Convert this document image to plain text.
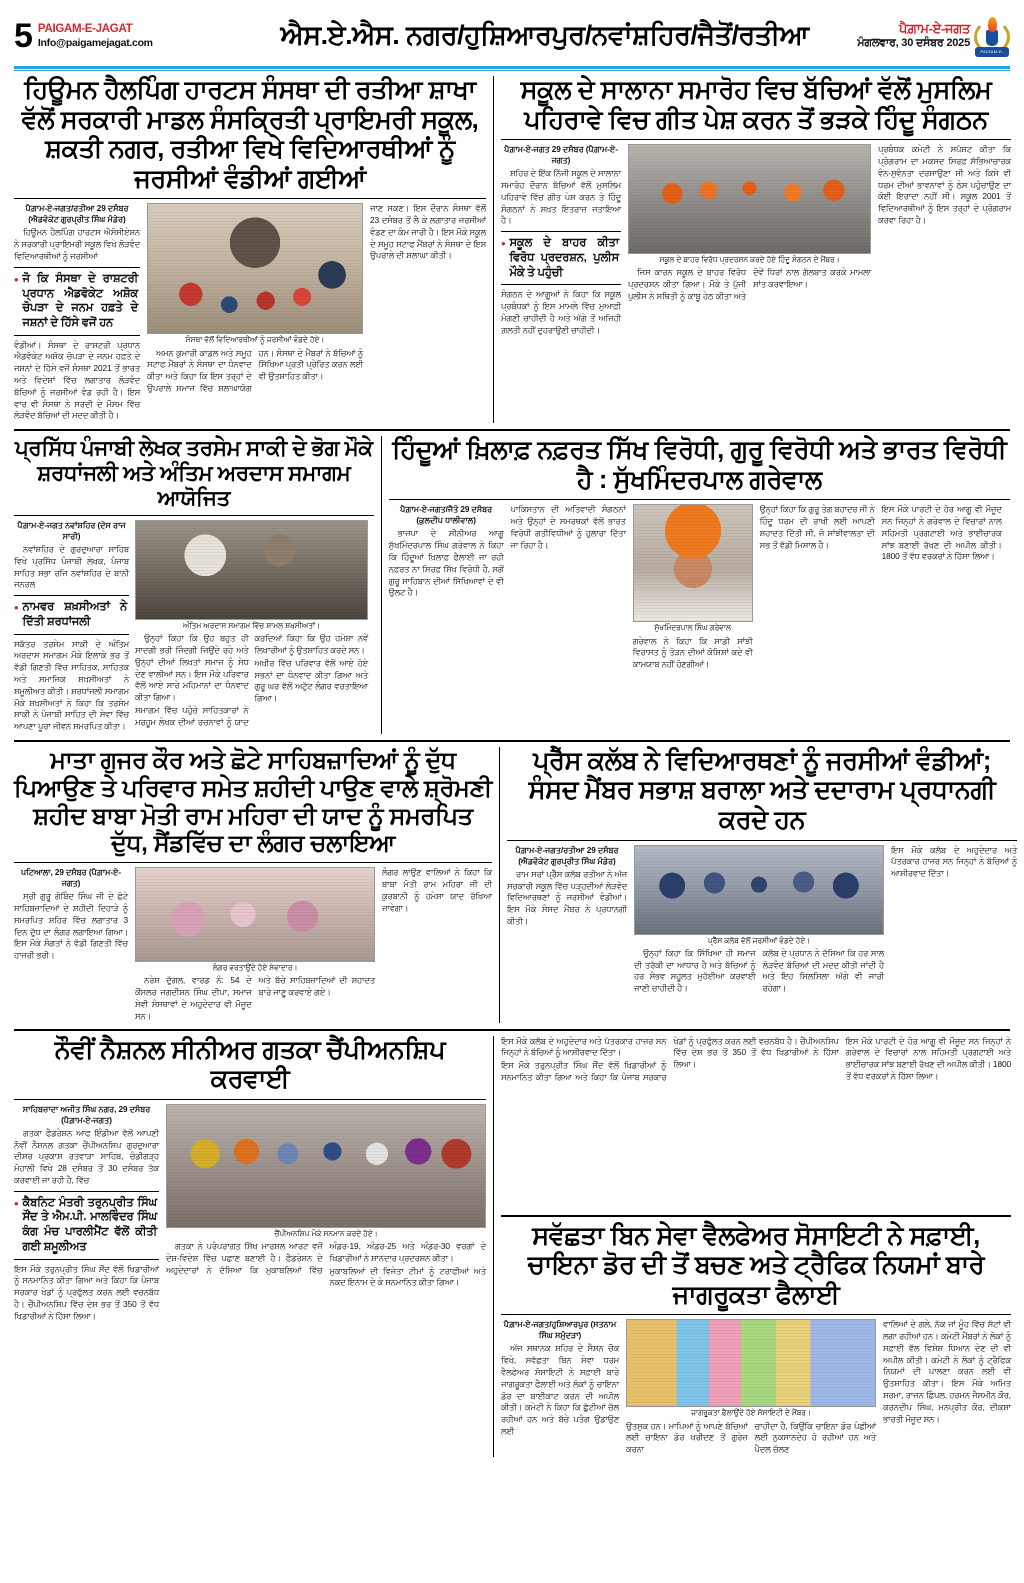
5 PAIGAM-E-JAGAT
Info@paigamejagat.com	ਐਸ.ਏ.ਐਸ. ਨਗਰ/ਹੁਸ਼ਿਆਰਪੁਰ/ਨਵਾਂਸ਼ਹਿਰ/ਜੈਤੋਂ/ਰਤੀਆ	ਪੈਗ਼ਾਮ-ਏ-ਜਗਤ
ਮੰਗਲਵਾਰ, 30 ਦਸੰਬਰ 2025
PAIGAM-E-JAGAT
ਹਿਊਮਨ ਹੈਲਪਿੰਗ ਹਾਰਟਸ ਸੰਸਥਾ ਦੀ ਰਤੀਆ ਸ਼ਾਖਾ ਵੱਲੋਂ ਸਰਕਾਰੀ ਮਾਡਲ ਸੰਸਕ੍ਰਿਤੀ ਪ੍ਰਾਇਮਰੀ ਸਕੂਲ, ਸ਼ਕਤੀ ਨਗਰ, ਰਤੀਆ ਵਿਖੇ ਵਿਦਿਆਰਥੀਆਂ ਨੂੰ ਜਰਸੀਆਂ ਵੰਡੀਆਂ ਗਈਆਂ
ਪੈਗ਼ਾਮ-ਏ-ਜਗਤ/ਰਤੀਆ 29 ਦਸੰਬਰ (ਐਡਵੋਕੇਟ ਗੁਰਪ੍ਰੀਤ ਸਿੰਘ ਮੰਡੇਰ)

ਹਿਊਮਨ ਹੈਲਪਿੰਗ ਹਾਰਟਸ ਐਸੋਸੀਏਸ਼ਨ ਨੇ ਸਰਕਾਰੀ ਪ੍ਰਾਇਮਰੀ ਸਕੂਲ ਵਿਖੇ ਲੋੜਵੰਦ ਵਿਦਿਆਰਥੀਆਂ ਨੂੰ ਜਰਸੀਆਂ

• ਜੋ ਕਿ ਸੰਸਥਾ ਦੇ ਰਾਸ਼ਟਰੀ ਪ੍ਰਧਾਨ ਐਡਵੋਕੇਟ ਅਸ਼ੋਕ ਚੋਪੜਾ ਦੇ ਜਨਮ ਹਫ਼ਤੇ ਦੇ ਜਸ਼ਨਾਂ ਦੇ ਹਿੱਸੇ ਵਜੋਂ ਹਨ

ਵੰਡੀਆਂ। ਸੰਸਥਾ ਦੇ ਰਾਸ਼ਟਰੀ ਪ੍ਰਧਾਨ ਐਡਵੋਕੇਟ ਅਸ਼ੋਕ ਚੋਪੜਾ ਦੇ ਜਨਮ ਹਫ਼ਤੇ ਦੇ ਜਸ਼ਨਾਂ ਦੇ ਹਿੱਸੇ ਵਜੋਂ ਸੰਸਥਾ 2021 ਤੋਂ ਭਾਰਤ ਅਤੇ ਵਿਦੇਸ਼ਾਂ ਵਿੱਚ ਲਗਾਤਾਰ ਲੋੜਵੰਦ ਬੱਚਿਆਂ ਨੂੰ ਜਰਸੀਆਂ ਵੰਡ ਰਹੀ ਹੈ। ਇਸ ਵਾਰ ਵੀ ਸੰਸਥਾ ਨੇ ਸਰਦੀ ਦੇ ਮੌਸਮ ਵਿੱਚ ਲੋੜਵੰਦ ਬੱਚਿਆਂ ਦੀ ਮਦਦ ਕੀਤੀ ਹੈ।

ਸੰਸਥਾ ਵੱਲੋਂ ਵਿਦਿਆਰਥੀਆਂ ਨੂੰ ਜਰਸੀਆਂ ਵੰਡਦੇ ਹੋਏ।

ਅਮਨ ਕੁਮਾਰੀ ਕਾਡਲ ਅਤੇ ਸਮੂਹ ਸਟਾਫ ਮੈਂਬਰਾਂ ਨੇ ਸੰਸਥਾ ਦਾ ਧੰਨਵਾਦ ਕੀਤਾ ਅਤੇ ਕਿਹਾ ਕਿ ਇਸ ਤਰ੍ਹਾਂ ਦੇ ਉਪਰਾਲੇ ਸਮਾਜ ਵਿੱਚ ਸ਼ਲਾਘਾਯੋਗ ਹਨ। ਸੰਸਥਾ ਦੇ ਮੈਂਬਰਾਂ ਨੇ ਬੱਚਿਆਂ ਨੂੰ ਸਿੱਖਿਆ ਪ੍ਰਤੀ ਪ੍ਰੇਰਿਤ ਕਰਨ ਲਈ ਵੀ ਉਤਸ਼ਾਹਿਤ ਕੀਤਾ।

ਜਾਣ ਸਕਣ। ਇਸ ਦੌਰਾਨ ਸੰਸਥਾ ਵੱਲੋਂ 23 ਦਸੰਬਰ ਤੋਂ ਲੈ ਕੇ ਲਗਾਤਾਰ ਜਰਸੀਆਂ ਵੰਡਣ ਦਾ ਕੰਮ ਜਾਰੀ ਹੈ। ਇਸ ਮੌਕੇ ਸਕੂਲ ਦੇ ਸਮੂਹ ਸਟਾਫ ਮੈਂਬਰਾਂ ਨੇ ਸੰਸਥਾ ਦੇ ਇਸ ਉਪਰਾਲੇ ਦੀ ਸ਼ਲਾਘਾ ਕੀਤੀ।

ਸਕੂਲ ਦੇ ਸਾਲਾਨਾ ਸਮਾਰੋਹ ਵਿਚ ਬੱਚਿਆਂ ਵੱਲੋਂ ਮੁਸਲਿਮ ਪਹਿਰਾਵੇ ਵਿਚ ਗੀਤ ਪੇਸ਼ ਕਰਨ ਤੋਂ ਭੜਕੇ ਹਿੰਦੂ ਸੰਗਠਨ
ਪੈਗ਼ਾਮ-ਏ-ਜਗਤ 29 ਦਸੰਬਰ (ਪੈਗ਼ਾਮ-ਏ-ਜਗਤ)

ਸ਼ਹਿਰ ਦੇ ਇੱਕ ਨਿੱਜੀ ਸਕੂਲ ਦੇ ਸਾਲਾਨਾ ਸਮਾਰੋਹ ਦੌਰਾਨ ਬੱਚਿਆਂ ਵੱਲੋਂ ਮੁਸਲਿਮ ਪਹਿਰਾਵੇ ਵਿੱਚ ਗੀਤ ਪੇਸ਼ ਕਰਨ ਤੇ ਹਿੰਦੂ ਸੰਗਠਨਾਂ ਨੇ ਸਖ਼ਤ ਇਤਰਾਜ਼ ਜਤਾਇਆ ਹੈ।

• ਸਕੂਲ ਦੇ ਬਾਹਰ ਕੀਤਾ ਵਿਰੋਧ ਪ੍ਰਦਰਸ਼ਨ, ਪੁਲੀਸ ਮੌਕੇ ਤੇ ਪਹੁੰਚੀ

ਸੰਗਠਨ ਦੇ ਆਗੂਆਂ ਨੇ ਕਿਹਾ ਕਿ ਸਕੂਲ ਪ੍ਰਬੰਧਕਾਂ ਨੂੰ ਇਸ ਮਾਮਲੇ ਵਿੱਚ ਮੁਆਫ਼ੀ ਮੰਗਣੀ ਚਾਹੀਦੀ ਹੈ ਅਤੇ ਅੱਗੇ ਤੋਂ ਅਜਿਹੀ ਗ਼ਲਤੀ ਨਹੀਂ ਦੁਹਰਾਉਣੀ ਚਾਹੀਦੀ।

ਸਕੂਲ ਦੇ ਬਾਹਰ ਵਿਰੋਧ ਪ੍ਰਦਰਸ਼ਨ ਕਰਦੇ ਹੋਏ ਹਿੰਦੂ ਸੰਗਠਨ ਦੇ ਮੈਂਬਰ।

ਜਿਸ ਕਾਰਨ ਸਕੂਲ ਦੇ ਬਾਹਰ ਵਿਰੋਧ ਪ੍ਰਦਰਸ਼ਨ ਕੀਤਾ ਗਿਆ। ਮੌਕੇ ਤੇ ਪੁੱਜੀ ਪੁਲੀਸ ਨੇ ਸਥਿਤੀ ਨੂੰ ਕਾਬੂ ਹੇਠ ਕੀਤਾ ਅਤੇ ਦੋਵੇਂ ਧਿਰਾਂ ਨਾਲ ਗੱਲਬਾਤ ਕਰਕੇ ਮਾਮਲਾ ਸ਼ਾਂਤ ਕਰਵਾਇਆ।

ਪ੍ਰਬੰਧਕ ਕਮੇਟੀ ਨੇ ਸਪੱਸ਼ਟ ਕੀਤਾ ਕਿ ਪ੍ਰੋਗਰਾਮ ਦਾ ਮਕਸਦ ਸਿਰਫ਼ ਸੱਭਿਆਚਾਰਕ ਵੰਨ-ਸੁਵੰਨਤਾ ਦਰਸਾਉਣਾ ਸੀ ਅਤੇ ਕਿਸੇ ਵੀ ਧਰਮ ਦੀਆਂ ਭਾਵਨਾਵਾਂ ਨੂੰ ਠੇਸ ਪਹੁੰਚਾਉਣ ਦਾ ਕੋਈ ਇਰਾਦਾ ਨਹੀਂ ਸੀ। ਸਕੂਲ 2001 ਤੋਂ ਵਿਦਿਆਰਥੀਆਂ ਨੂੰ ਇਸ ਤਰ੍ਹਾਂ ਦੇ ਪ੍ਰੋਗਰਾਮ ਕਰਵਾ ਰਿਹਾ ਹੈ।

ਪ੍ਰਸਿੱਧ ਪੰਜਾਬੀ ਲੇਖਕ ਤਰਸੇਮ ਸਾਕੀ ਦੇ ਭੋਗ ਮੌਕੇ ਸ਼ਰਧਾਂਜਲੀ ਅਤੇ ਅੰਤਿਮ ਅਰਦਾਸ ਸਮਾਗਮ ਆਯੋਜਿਤ
ਪੈਗ਼ਾਮ-ਏ-ਜਗਤ ਨਵਾਂਸ਼ਹਿਰ (ਦੇਸ ਰਾਜ ਸਾਰੀ)

ਨਵਾਂਸ਼ਹਿਰ ਦੇ ਗੁਰਦੁਆਰਾ ਸਾਹਿਬ ਵਿਖੇ ਪ੍ਰਸਿੱਧ ਪੰਜਾਬੀ ਲੇਖਕ, ਪੰਜਾਬ ਸਾਹਿਤ ਸਭਾ ਰਜਿ ਨਵਾਂਸ਼ਹਿਰ ਦੇ ਬਾਨੀ ਜਨਰਲ

• ਨਾਮਵਰ ਸ਼ਖ਼ਸੀਅਤਾਂ ਨੇ ਦਿੱਤੀ ਸ਼ਰਧਾਂਜਲੀ

ਸਕੱਤਰ ਤਰਸੇਮ ਸਾਕੀ ਦੇ ਅੰਤਿਮ ਅਰਦਾਸ ਸਮਾਗਮ ਮੌਕੇ ਇਲਾਕੇ ਭਰ ਤੋਂ ਵੱਡੀ ਗਿਣਤੀ ਵਿੱਚ ਸਾਹਿਤਕ, ਸਾਹਿਤਕ ਅਤੇ ਸਮਾਜਿਕ ਸ਼ਖ਼ਸੀਅਤਾਂ ਨੇ ਸ਼ਮੂਲੀਅਤ ਕੀਤੀ। ਸ਼ਰਧਾਂਜਲੀ ਸਮਾਗਮ ਮੌਕੇ ਸ਼ਖ਼ਸੀਅਤਾਂ ਨੇ ਕਿਹਾ ਕਿ ਤਰਸੇਮ ਸਾਕੀ ਨੇ ਪੰਜਾਬੀ ਸਾਹਿਤ ਦੀ ਸੇਵਾ ਵਿੱਚ ਆਪਣਾ ਪੂਰਾ ਜੀਵਨ ਸਮਰਪਿਤ ਕੀਤਾ।

ਅੰਤਿਮ ਅਰਦਾਸ ਸਮਾਗਮ ਵਿੱਚ ਸ਼ਾਮਲ ਸ਼ਖ਼ਸੀਅਤਾਂ।

ਉਨ੍ਹਾਂ ਕਿਹਾ ਕਿ ਉਹ ਬਹੁਤ ਹੀ ਸਾਦਗੀ ਭਰੀ ਜ਼ਿੰਦਗੀ ਜਿਉਂਦੇ ਰਹੇ ਅਤੇ ਉਨ੍ਹਾਂ ਦੀਆਂ ਲਿਖਤਾਂ ਸਮਾਜ ਨੂੰ ਸੇਧ ਦੇਣ ਵਾਲੀਆਂ ਸਨ। ਇਸ ਮੌਕੇ ਪਰਿਵਾਰ ਵੱਲੋਂ ਆਏ ਸਾਰੇ ਮਹਿਮਾਨਾਂ ਦਾ ਧੰਨਵਾਦ ਕੀਤਾ ਗਿਆ।

ਸਮਾਗਮ ਵਿੱਚ ਪਹੁੰਚੇ ਸਾਹਿਤਕਾਰਾਂ ਨੇ ਮਰਹੂਮ ਲੇਖਕ ਦੀਆਂ ਰਚਨਾਵਾਂ ਨੂੰ ਯਾਦ ਕਰਦਿਆਂ ਕਿਹਾ ਕਿ ਉਹ ਹਮੇਸ਼ਾ ਨਵੇਂ ਲਿਖਾਰੀਆਂ ਨੂੰ ਉਤਸ਼ਾਹਿਤ ਕਰਦੇ ਸਨ।

ਅਖ਼ੀਰ ਵਿੱਚ ਪਰਿਵਾਰ ਵੱਲੋਂ ਆਏ ਹੋਏ ਸਭਨਾਂ ਦਾ ਧੰਨਵਾਦ ਕੀਤਾ ਗਿਆ ਅਤੇ ਗੁਰੂ ਘਰ ਵੱਲੋਂ ਅਟੁੱਟ ਲੰਗਰ ਵਰਤਾਇਆ ਗਿਆ।

ਹਿੰਦੂਆਂ ਖ਼ਿਲਾਫ਼ ਨਫ਼ਰਤ ਸਿੱਖ ਵਿਰੋਧੀ, ਗੁਰੂ ਵਿਰੋਧੀ ਅਤੇ ਭਾਰਤ ਵਿਰੋਧੀ ਹੈ : ਸੁੱਖਮਿੰਦਰਪਾਲ ਗਰੇਵਾਲ
ਪੈਗ਼ਾਮ-ਏ-ਜਗਤ/ਜੈਤੋ 29 ਦਸੰਬਰ (ਕੁਲਦੀਪ ਧਾਲੀਵਾਲ)

ਭਾਜਪਾ ਦੇ ਸੀਨੀਅਰ ਆਗੂ ਸੁੱਖਮਿੰਦਰਪਾਲ ਸਿੰਘ ਗਰੇਵਾਲ ਨੇ ਕਿਹਾ ਕਿ ਹਿੰਦੂਆਂ ਖ਼ਿਲਾਫ਼ ਫੈਲਾਈ ਜਾ ਰਹੀ ਨਫ਼ਰਤ ਨਾ ਸਿਰਫ਼ ਸਿੱਖ ਵਿਰੋਧੀ ਹੈ, ਸਗੋਂ ਗੁਰੂ ਸਾਹਿਬਾਨ ਦੀਆਂ ਸਿੱਖਿਆਵਾਂ ਦੇ ਵੀ ਉਲਟ ਹੈ।

ਪਾਕਿਸਤਾਨ ਦੀ ਅਤਿਵਾਦੀ ਸੰਗਠਨਾਂ ਅਤੇ ਉਨ੍ਹਾਂ ਦੇ ਸਮਰਥਕਾਂ ਵੱਲੋਂ ਭਾਰਤ ਵਿਰੋਧੀ ਗਤੀਵਿਧੀਆਂ ਨੂੰ ਹੁਲਾਰਾ ਦਿੱਤਾ ਜਾ ਰਿਹਾ ਹੈ।

ਸੁੱਖਮਿੰਦਰਪਾਲ ਸਿੰਘ ਗਰੇਵਾਲ

ਗਰੇਵਾਲ ਨੇ ਕਿਹਾ ਕਿ ਸਾਡੀ ਸਾਂਝੀ ਵਿਰਾਸਤ ਨੂੰ ਤੋੜਨ ਦੀਆਂ ਕੋਸ਼ਿਸ਼ਾਂ ਕਦੇ ਵੀ ਕਾਮਯਾਬ ਨਹੀਂ ਹੋਣਗੀਆਂ।

ਉਨ੍ਹਾਂ ਕਿਹਾ ਕਿ ਗੁਰੂ ਤੇਗ ਬਹਾਦਰ ਜੀ ਨੇ ਹਿੰਦੂ ਧਰਮ ਦੀ ਰਾਖੀ ਲਈ ਆਪਣੀ ਸ਼ਹਾਦਤ ਦਿੱਤੀ ਸੀ, ਜੋ ਸਾਂਝੀਵਾਲਤਾ ਦੀ ਸਭ ਤੋਂ ਵੱਡੀ ਮਿਸਾਲ ਹੈ।

ਇਸ ਮੌਕੇ ਪਾਰਟੀ ਦੇ ਹੋਰ ਆਗੂ ਵੀ ਮੌਜੂਦ ਸਨ ਜਿਨ੍ਹਾਂ ਨੇ ਗਰੇਵਾਲ ਦੇ ਵਿਚਾਰਾਂ ਨਾਲ ਸਹਿਮਤੀ ਪ੍ਰਗਟਾਈ ਅਤੇ ਭਾਈਚਾਰਕ ਸਾਂਝ ਬਣਾਈ ਰੱਖਣ ਦੀ ਅਪੀਲ ਕੀਤੀ। 1800 ਤੋਂ ਵੱਧ ਵਰਕਰਾਂ ਨੇ ਹਿੱਸਾ ਲਿਆ।

ਮਾਤਾ ਗੁਜਰ ਕੌਰ ਅਤੇ ਛੋਟੇ ਸਾਹਿਬਜ਼ਾਦਿਆਂ ਨੂੰ ਦੁੱਧ ਪਿਆਉਣ ਤੇ ਪਰਿਵਾਰ ਸਮੇਤ ਸ਼ਹੀਦੀ ਪਾਉਣ ਵਾਲੇ ਸ਼੍ਰੋਮਣੀ ਸ਼ਹੀਦ ਬਾਬਾ ਮੋਤੀ ਰਾਮ ਮਹਿਰਾ ਦੀ ਯਾਦ ਨੂੰ ਸਮਰਪਿਤ ਦੁੱਧ, ਸੈਂਡਵਿੱਚ ਦਾ ਲੰਗਰ ਚਲਾਇਆ
ਪਟਿਆਲਾ, 29 ਦਸੰਬਰ (ਪੈਗ਼ਾਮ-ਏ-ਜਗਤ)

ਸ੍ਰੀ ਗੁਰੂ ਗੋਬਿੰਦ ਸਿੰਘ ਜੀ ਦੇ ਛੋਟੇ ਸਾਹਿਬਜ਼ਾਦਿਆਂ ਦੇ ਸ਼ਹੀਦੀ ਦਿਹਾੜੇ ਨੂੰ ਸਮਰਪਿਤ ਸ਼ਹਿਰ ਵਿੱਚ ਲਗਾਤਾਰ 3 ਦਿਨ ਦੁੱਧ ਦਾ ਲੰਗਰ ਲਗਾਇਆ ਗਿਆ। ਇਸ ਮੌਕੇ ਸੰਗਤਾਂ ਨੇ ਵੱਡੀ ਗਿਣਤੀ ਵਿੱਚ ਹਾਜ਼ਰੀ ਭਰੀ।

ਲੰਗਰ ਵਰਤਾਉਂਦੇ ਹੋਏ ਸੇਵਾਦਾਰ।

ਨਰੇਸ਼ ਦੁੱਗਲ, ਵਾਰਡ ਨੰ: 54 ਦੇ ਕੌਂਸਲਰ ਜਗਦੀਸ਼ਨ ਸਿੰਘ ਦੀਪਾ, ਸਮਾਜ ਸੇਵੀ ਸੰਸਥਾਵਾਂ ਦੇ ਅਹੁਦੇਦਾਰ ਵੀ ਮੌਜੂਦ ਸਨ।

ਅਤੇ ਬੱਚੇ ਸਾਹਿਬਜ਼ਾਦਿਆਂ ਦੀ ਸ਼ਹਾਦਤ ਬਾਰੇ ਜਾਣੂ ਕਰਵਾਏ ਗਏ।

ਲੰਗਰ ਲਾਉਣ ਵਾਲਿਆਂ ਨੇ ਕਿਹਾ ਕਿ ਬਾਬਾ ਮੋਤੀ ਰਾਮ ਮਹਿਰਾ ਜੀ ਦੀ ਕੁਰਬਾਨੀ ਨੂੰ ਹਮੇਸ਼ਾ ਯਾਦ ਰੱਖਿਆ ਜਾਵੇਗਾ।

ਪ੍ਰੈੱਸ ਕਲੱਬ ਨੇ ਵਿਦਿਆਰਥਣਾਂ ਨੂੰ ਜਰਸੀਆਂ ਵੰਡੀਆਂ; ਸੰਸਦ ਮੈਂਬਰ ਸਭਾਸ਼ ਬਰਾਲਾ ਅਤੇ ਦਦਾਰਾਮ ਪ੍ਰਧਾਨਗੀ ਕਰਦੇ ਹਨ
ਪੈਗ਼ਾਮ-ਏ-ਜਗਤ/ਰਤੀਆ 29 ਦਸੰਬਰ (ਐਡਵੋਕੇਟ ਗੁਰਪ੍ਰੀਤ ਸਿੰਘ ਮੰਡੇਰ)

ਰਾਮ ਸਰਾਂ ਪ੍ਰੈੱਸ ਕਲੱਬ ਰਤੀਆ ਨੇ ਅੱਜ ਸਰਕਾਰੀ ਸਕੂਲ ਵਿੱਚ ਪੜ੍ਹਦੀਆਂ ਲੋੜਵੰਦ ਵਿਦਿਆਰਥਣਾਂ ਨੂੰ ਜਰਸੀਆਂ ਵੰਡੀਆਂ। ਇਸ ਮੌਕੇ ਸੰਸਦ ਮੈਂਬਰ ਨੇ ਪ੍ਰਧਾਨਗੀ ਕੀਤੀ।

ਪ੍ਰੈੱਸ ਕਲੱਬ ਵੱਲੋਂ ਜਰਸੀਆਂ ਵੰਡਦੇ ਹੋਏ।

ਉਨ੍ਹਾਂ ਕਿਹਾ ਕਿ ਸਿੱਖਿਆ ਹੀ ਸਮਾਜ ਦੀ ਤਰੱਕੀ ਦਾ ਆਧਾਰ ਹੈ ਅਤੇ ਬੱਚਿਆਂ ਨੂੰ ਹਰ ਸੰਭਵ ਸਹੂਲਤ ਮੁਹੱਈਆ ਕਰਵਾਈ ਜਾਣੀ ਚਾਹੀਦੀ ਹੈ।

ਕਲੱਬ ਦੇ ਪ੍ਰਧਾਨ ਨੇ ਦੱਸਿਆ ਕਿ ਹਰ ਸਾਲ ਲੋੜਵੰਦ ਬੱਚਿਆਂ ਦੀ ਮਦਦ ਕੀਤੀ ਜਾਂਦੀ ਹੈ ਅਤੇ ਇਹ ਸਿਲਸਿਲਾ ਅੱਗੇ ਵੀ ਜਾਰੀ ਰਹੇਗਾ।

ਇਸ ਮੌਕੇ ਕਲੱਬ ਦੇ ਅਹੁਦੇਦਾਰ ਅਤੇ ਪੱਤਰਕਾਰ ਹਾਜ਼ਰ ਸਨ ਜਿਨ੍ਹਾਂ ਨੇ ਬੱਚਿਆਂ ਨੂੰ ਆਸ਼ੀਰਵਾਦ ਦਿੱਤਾ।

ਨੌਵੀਂ ਨੈਸ਼ਨਲ ਸੀਨੀਅਰ ਗਤਕਾ ਚੈਂਪੀਅਨਸ਼ਿਪ ਕਰਵਾਈ
ਸਾਹਿਬਜ਼ਾਦਾ ਅਜੀਤ ਸਿੰਘ ਨਗਰ, 29 ਦਸੰਬਰ (ਪੈਗ਼ਾਮ-ਏ-ਜਗਤ)

ਗਤਕਾ ਫੈਡਰੇਸ਼ਨ ਆਫ ਇੰਡੀਆ ਵੱਲੋਂ ਆਪਣੀ ਨੌਵੀਂ ਨੈਸ਼ਨਲ ਗਤਕਾ ਚੈਂਪੀਅਨਸ਼ਿਪ ਗੁਰਦੁਆਰਾ ਦੀਸ਼ਰ ਪ੍ਰਕਾਸ਼ ਰਤਵਾੜਾ ਸਾਹਿਬ, ਚੰਡੀਗੜ੍ਹ ਮੋਹਾਲੀ ਵਿਖੇ 28 ਦਸੰਬਰ ਤੋਂ 30 ਦਸੰਬਰ ਤੱਕ ਕਰਵਾਈ ਜਾ ਰਹੀ ਹੈ, ਵਿੱਚ

• ਕੈਬਨਿਟ ਮੰਤਰੀ ਤਰੁਨਪ੍ਰੀਤ ਸਿੰਘ ਸੌਂਦ ਤੇ ਐਮ.ਪੀ. ਮਾਲਵਿੰਦਰ ਸਿੰਘ ਕੰਗ ਮੰਚ ਪਾਰਲੀਮੈਂਟ ਵੱਲੋਂ ਕੀਤੀ ਗਈ ਸ਼ਮੂਲੀਅਤ

ਇਸ ਮੌਕੇ ਤਰੁਨਪ੍ਰੀਤ ਸਿੰਘ ਸੌਂਦ ਵੱਲੋਂ ਖਿਡਾਰੀਆਂ ਨੂੰ ਸਨਮਾਨਿਤ ਕੀਤਾ ਗਿਆ ਅਤੇ ਕਿਹਾ ਕਿ ਪੰਜਾਬ ਸਰਕਾਰ ਖੇਡਾਂ ਨੂੰ ਪ੍ਰਫੁੱਲਤ ਕਰਨ ਲਈ ਵਚਨਬੱਧ ਹੈ। ਚੈਂਪੀਅਨਸ਼ਿਪ ਵਿੱਚ ਦੇਸ਼ ਭਰ ਤੋਂ 350 ਤੋਂ ਵੱਧ ਖਿਡਾਰੀਆਂ ਨੇ ਹਿੱਸਾ ਲਿਆ।

ਚੈਂਪੀਅਨਸ਼ਿਪ ਮੌਕੇ ਸਨਮਾਨ ਕਰਦੇ ਹੋਏ।

ਗਤਕਾ ਨੇ ਪਰੰਪਰਾਗਤ ਸਿੱਖ ਮਾਰਸ਼ਲ ਆਰਟ ਵਜੋਂ ਦੇਸ਼-ਵਿਦੇਸ਼ ਵਿੱਚ ਪਛਾਣ ਬਣਾਈ ਹੈ। ਫੈਡਰੇਸ਼ਨ ਦੇ ਅਹੁਦੇਦਾਰਾਂ ਨੇ ਦੱਸਿਆ ਕਿ ਮੁਕਾਬਲਿਆਂ ਵਿੱਚ ਅੰਡਰ-19, ਅੰਡਰ-25 ਅਤੇ ਅੰਡਰ-30 ਵਰਗਾਂ ਦੇ ਖਿਡਾਰੀਆਂ ਨੇ ਸ਼ਾਨਦਾਰ ਪ੍ਰਦਰਸ਼ਨ ਕੀਤਾ।

ਮੁਕਾਬਲਿਆਂ ਦੀ ਵਿਜੇਤਾ ਟੀਮਾਂ ਨੂੰ ਟਰਾਫੀਆਂ ਅਤੇ ਨਕਦ ਇਨਾਮ ਦੇ ਕੇ ਸਨਮਾਨਿਤ ਕੀਤਾ ਗਿਆ।

ਇਸ ਮੌਕੇ ਕਲੱਬ ਦੇ ਅਹੁਦੇਦਾਰ ਅਤੇ ਪੱਤਰਕਾਰ ਹਾਜ਼ਰ ਸਨ ਜਿਨ੍ਹਾਂ ਨੇ ਬੱਚਿਆਂ ਨੂੰ ਆਸ਼ੀਰਵਾਦ ਦਿੱਤਾ।

ਇਸ ਮੌਕੇ ਤਰੁਨਪ੍ਰੀਤ ਸਿੰਘ ਸੌਂਦ ਵੱਲੋਂ ਖਿਡਾਰੀਆਂ ਨੂੰ ਸਨਮਾਨਿਤ ਕੀਤਾ ਗਿਆ ਅਤੇ ਕਿਹਾ ਕਿ ਪੰਜਾਬ ਸਰਕਾਰ ਖੇਡਾਂ ਨੂੰ ਪ੍ਰਫੁੱਲਤ ਕਰਨ ਲਈ ਵਚਨਬੱਧ ਹੈ। ਚੈਂਪੀਅਨਸ਼ਿਪ ਵਿੱਚ ਦੇਸ਼ ਭਰ ਤੋਂ 350 ਤੋਂ ਵੱਧ ਖਿਡਾਰੀਆਂ ਨੇ ਹਿੱਸਾ ਲਿਆ।

ਇਸ ਮੌਕੇ ਪਾਰਟੀ ਦੇ ਹੋਰ ਆਗੂ ਵੀ ਮੌਜੂਦ ਸਨ ਜਿਨ੍ਹਾਂ ਨੇ ਗਰੇਵਾਲ ਦੇ ਵਿਚਾਰਾਂ ਨਾਲ ਸਹਿਮਤੀ ਪ੍ਰਗਟਾਈ ਅਤੇ ਭਾਈਚਾਰਕ ਸਾਂਝ ਬਣਾਈ ਰੱਖਣ ਦੀ ਅਪੀਲ ਕੀਤੀ। 1800 ਤੋਂ ਵੱਧ ਵਰਕਰਾਂ ਨੇ ਹਿੱਸਾ ਲਿਆ।

ਸਵੱਛਤਾ ਬਿਨ ਸੇਵਾ ਵੈਲਫੇਅਰ ਸੋਸਾਇਟੀ ਨੇ ਸਫ਼ਾਈ, ਚਾਇਨਾ ਡੋਰ ਦੀ ਤੋਂ ਬਚਣ ਅਤੇ ਟ੍ਰੈਫਿਕ ਨਿਯਮਾਂ ਬਾਰੇ ਜਾਗਰੂਕਤਾ ਫੈਲਾਈ
ਪੈਗ਼ਾਮ-ਏ-ਜਗਤ/ਹੁਸ਼ਿਆਰਪੁਰ (ਸਤਨਾਮ ਸਿੰਘ ਸਮੁੰਦੜਾ)

ਅੱਜ ਸਥਾਨਕ ਸ਼ਹਿਰ ਦੇ ਸੈਸ਼ਨ ਚੌਕ ਵਿਖੇ, ਸਵੱਛਤਾ ਬਿਨ ਸੇਵਾ ਧਰਮ ਵੈਲਫੇਅਰ ਸੋਸਾਇਟੀ ਨੇ ਸਫ਼ਾਈ ਬਾਰੇ ਜਾਗਰੂਕਤਾ ਫੈਲਾਈ ਅਤੇ ਲੋਕਾਂ ਨੂੰ ਚਾਇਨਾ ਡੋਰ ਦਾ ਬਾਈਕਾਟ ਕਰਨ ਦੀ ਅਪੀਲ ਕੀਤੀ। ਕਮੇਟੀ ਨੇ ਕਿਹਾ ਕਿ ਛੁੱਟੀਆਂ ਚੱਲ ਰਹੀਆਂ ਹਨ ਅਤੇ ਬੱਚੇ ਪਤੰਗ ਉਡਾਉਣ ਲਈ

ਜਾਗਰੂਕਤਾ ਫੈਲਾਉਂਦੇ ਹੋਏ ਸੋਸਾਇਟੀ ਦੇ ਮੈਂਬਰ।

ਉਤਸੁਕ ਹਨ। ਮਾਪਿਆਂ ਨੂੰ ਆਪਣੇ ਬੱਚਿਆਂ ਲਈ ਚਾਇਨਾ ਡੋਰ ਖਰੀਦਣ ਤੋਂ ਗੁਰੇਜ਼ ਕਰਨਾ

ਚਾਹੀਦਾ ਹੈ, ਕਿਉਂਕਿ ਚਾਇਨਾ ਡੋਰ ਪੰਛੀਆਂ ਲਈ ਨੁਕਸਾਨਦੇਹ ਹੋ ਰਹੀਆਂ ਹਨ ਅਤੇ ਪੈਦਲ ਚੱਲਣ

ਵਾਲਿਆਂ ਦੇ ਗਲੇ, ਨੱਕ ਜਾਂ ਮੂੰਹ ਵਿੱਚ ਸੱਟਾਂ ਵੀ ਲਗਾ ਰਹੀਆਂ ਹਨ। ਕਮੇਟੀ ਮੈਂਬਰਾਂ ਨੇ ਲੋਕਾਂ ਨੂੰ ਸਫ਼ਾਈ ਵੱਲ ਵਿਸ਼ੇਸ਼ ਧਿਆਨ ਦੇਣ ਦੀ ਵੀ ਅਪੀਲ ਕੀਤੀ। ਕਮੇਟੀ ਨੇ ਲੋਕਾਂ ਨੂੰ ਟ੍ਰੈਫਿਕ ਨਿਯਮਾਂ ਦੀ ਪਾਲਣਾ ਕਰਨ ਲਈ ਵੀ ਉਤਸ਼ਾਹਿਤ ਕੀਤਾ। ਇਸ ਮੌਕੇ ਅਮਿਤ ਸ਼ਰਮਾ, ਰਾਜਨ ਛਿੰਪਲ, ਹਰਮਨ ਜੈਸਮੀਨ ਕੌਰ, ਕਰਨਦੀਪ ਸਿੰਘ, ਮਨਪ੍ਰੀਤ ਕੌਰ, ਦੀਕਸ਼ਾ ਭਾਰਤੀ ਮੌਜੂਦ ਸਨ।
